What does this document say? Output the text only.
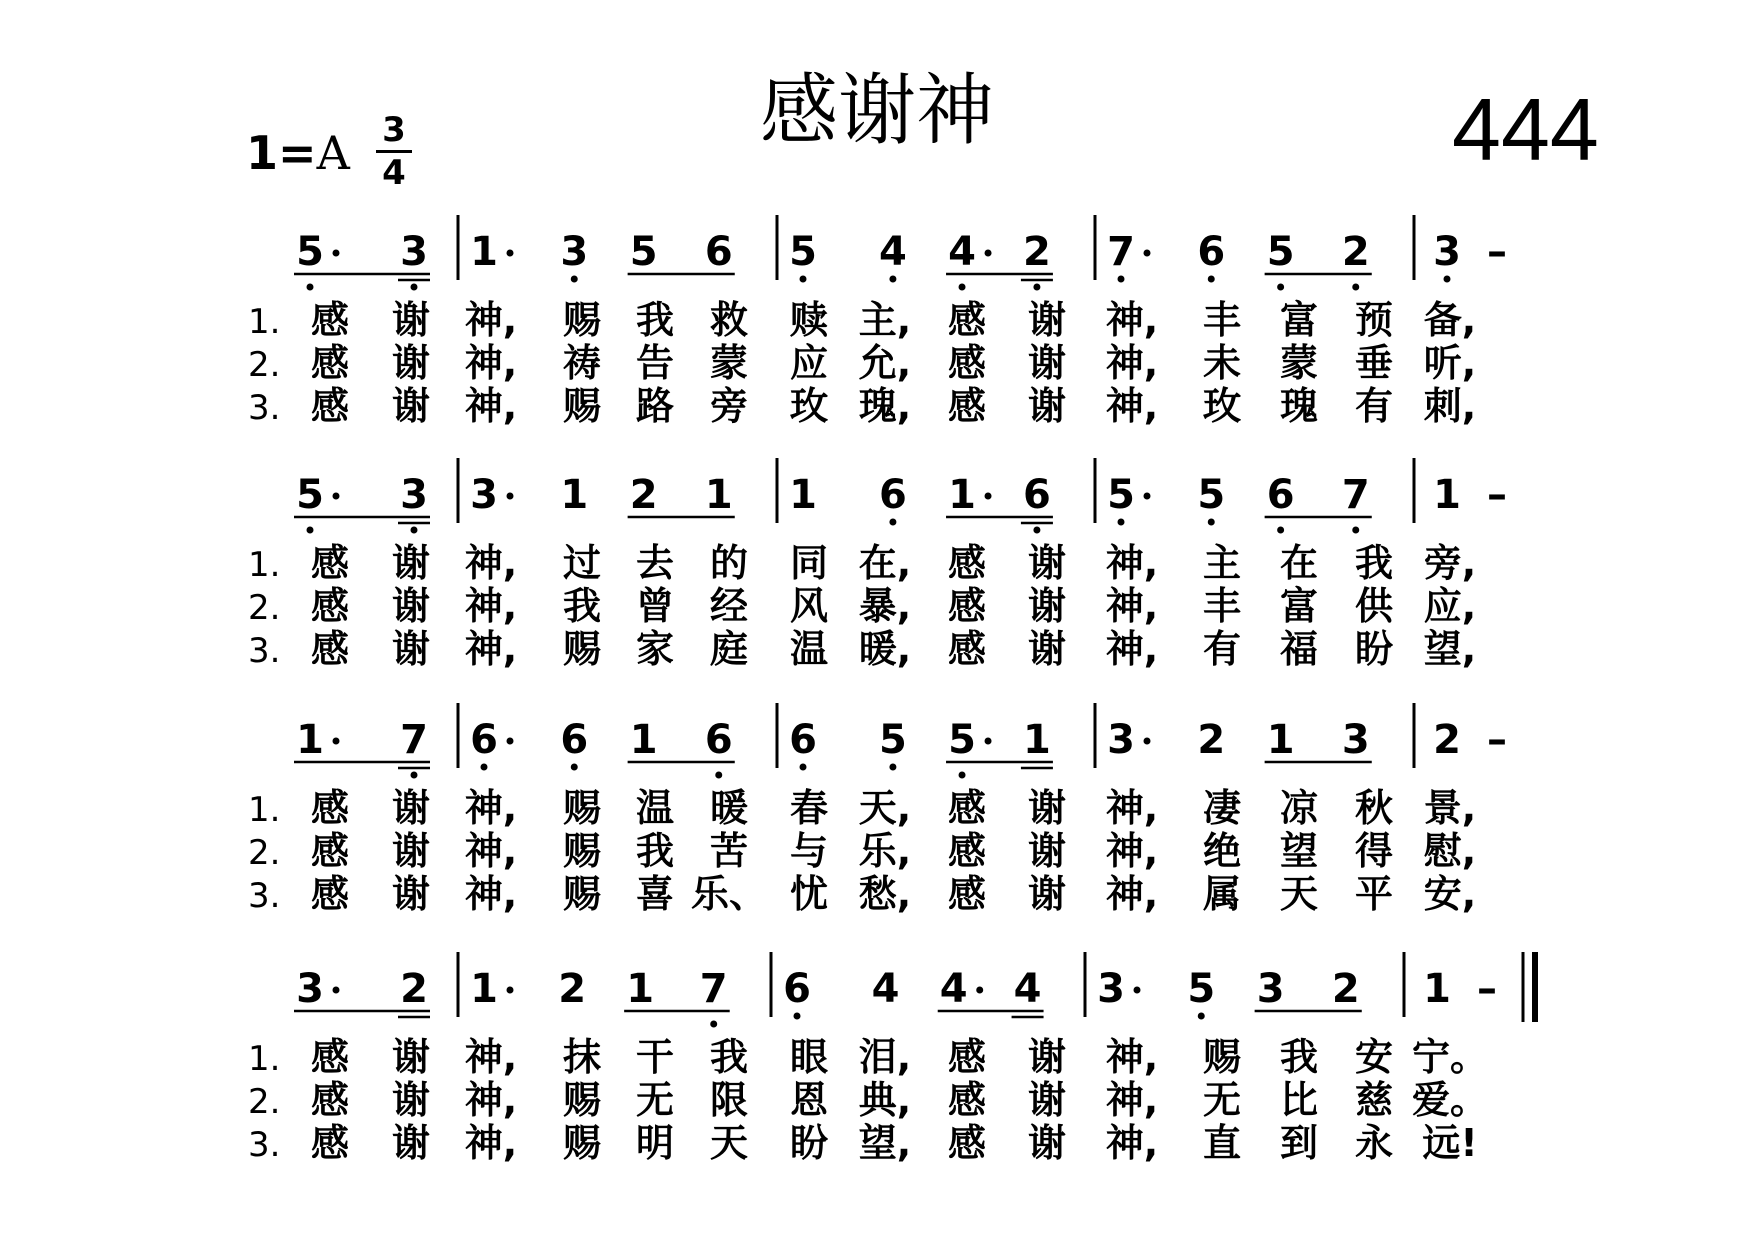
感谢神	444
1=A 3
4
5 3 1 3 5 6 5 4 4 2 7 6 5 2 3 –
1. 感 谢 神, 赐 我 救 赎 主, 感 谢 神, 丰 富 预 备,
2. 感 谢 神, 祷 告 蒙 应 允, 感 谢 神, 未 蒙 垂 听,
3. 感 谢 神, 赐 路 旁 玫 瑰, 感 谢 神, 玫 瑰 有 刺,
5 3 3 1 2 1 1 6 1 6 5 5 6 7 1 –
1. 感 谢 神, 过 去 的 同 在, 感 谢 神, 主 在 我 旁,
2. 感 谢 神, 我 曾 经 风 暴, 感 谢 神, 丰 富 供 应,
3. 感 谢 神, 赐 家 庭 温 暖, 感 谢 神, 有 福 盼 望,
1 7 6 6 1 6 6 5 5 1 3 2 1 3 2 –
1. 感 谢 神, 赐 温 暖 春 天, 感 谢 神, 凄 凉 秋 景,
2. 感 谢 神, 赐 我 苦 与 乐, 感 谢 神, 绝 望 得 慰,
3. 感 谢 神, 赐 喜 乐、 忧 愁, 感 谢 神, 属 天 平 安,
3 2 1 2 1 7 6 4 4 4 3 5 3 2 1 –
1. 感 谢 神, 抹 干 我 眼 泪, 感 谢 神, 赐 我 安 宁。
2. 感 谢 神, 赐 无 限 恩 典, 感 谢 神, 无 比 慈 爱。
3. 感 谢 神, 赐 明 天 盼 望, 感 谢 神, 直 到 永 远!
